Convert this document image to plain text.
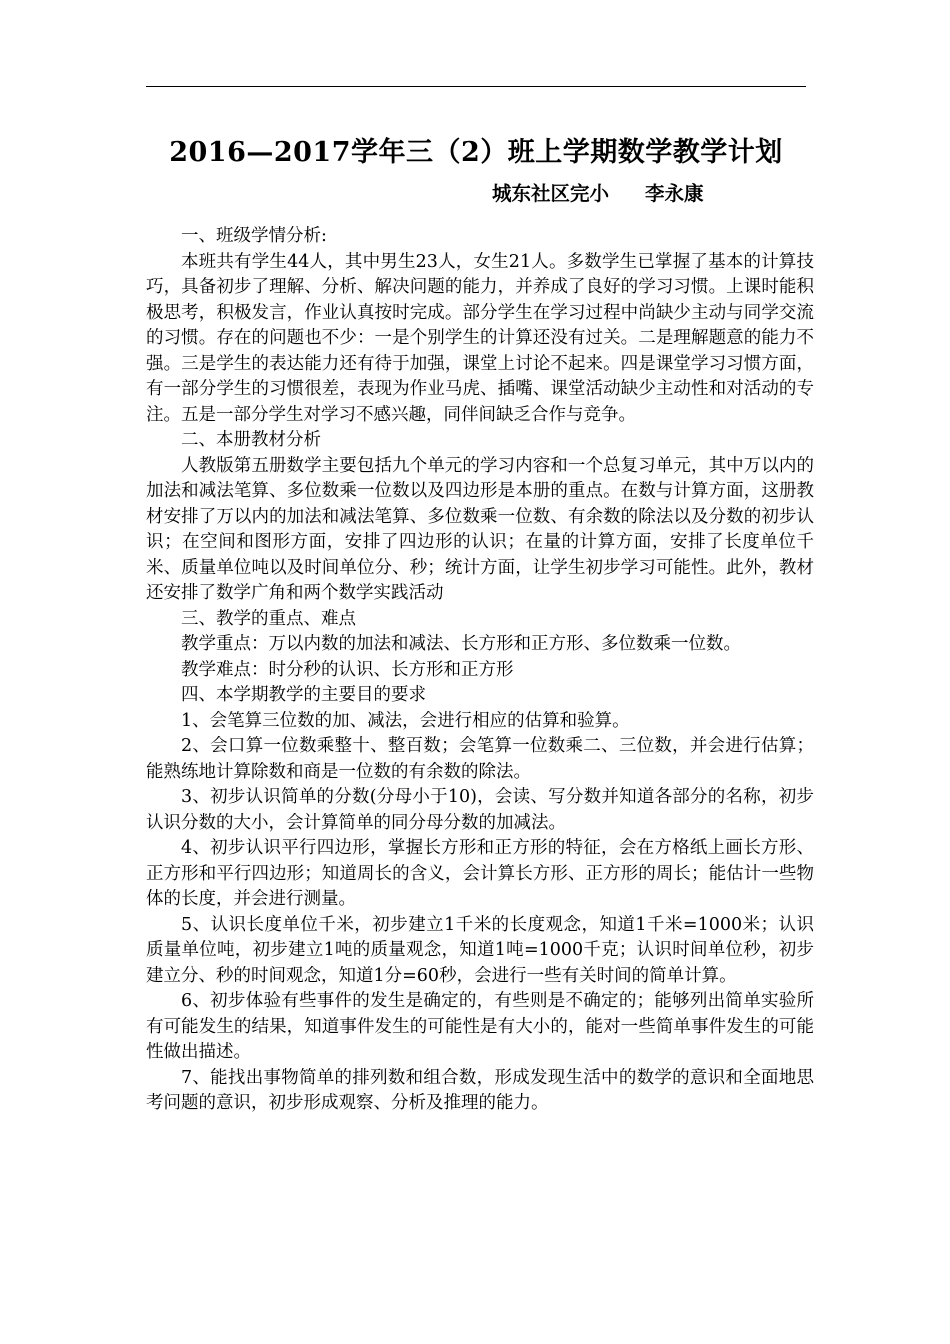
2016—2017学年三（2）班上学期数学教学计划
城东社区完小 李永康

一、班级学情分析:

本班共有学生44人，其中男生23人，女生21人。多数学生已掌握了基本的计算技巧，具备初步了理解、分析、解决问题的能力，并养成了良好的学习习惯。上课时能积极思考，积极发言，作业认真按时完成。部分学生在学习过程中尚缺少主动与同学交流的习惯。存在的问题也不少：一是个别学生的计算还没有过关。二是理解题意的能力不强。三是学生的表达能力还有待于加强，课堂上讨论不起来。四是课堂学习习惯方面，有一部分学生的习惯很差，表现为作业马虎、插嘴、课堂活动缺少主动性和对活动的专注。五是一部分学生对学习不感兴趣，同伴间缺乏合作与竞争。

二、本册教材分析

人教版第五册数学主要包括九个单元的学习内容和一个总复习单元，其中万以内的加法和减法笔算、多位数乘一位数以及四边形是本册的重点。在数与计算方面，这册教材安排了万以内的加法和减法笔算、多位数乘一位数、有余数的除法以及分数的初步认识；在空间和图形方面，安排了四边形的认识；在量的计算方面，安排了长度单位千米、质量单位吨以及时间单位分、秒；统计方面，让学生初步学习可能性。此外，教材还安排了数学广角和两个数学实践活动

三、教学的重点、难点

教学重点：万以内数的加法和减法、长方形和正方形、多位数乘一位数。

教学难点：时分秒的认识、长方形和正方形

四、本学期教学的主要目的要求

1、会笔算三位数的加、减法，会进行相应的估算和验算。

2、会口算一位数乘整十、整百数；会笔算一位数乘二、三位数，并会进行估算；能熟练地计算除数和商是一位数的有余数的除法。

3、初步认识简单的分数(分母小于10)，会读、写分数并知道各部分的名称，初步认识分数的大小，会计算简单的同分母分数的加减法。

4、初步认识平行四边形，掌握长方形和正方形的特征，会在方格纸上画长方形、正方形和平行四边形；知道周长的含义，会计算长方形、正方形的周长；能估计一些物体的长度，并会进行测量。

5、认识长度单位千米，初步建立1千米的长度观念，知道1千米=1000米；认识质量单位吨，初步建立1吨的质量观念，知道1吨=1000千克；认识时间单位秒，初步建立分、秒的时间观念，知道1分=60秒，会进行一些有关时间的简单计算。

6、初步体验有些事件的发生是确定的，有些则是不确定的；能够列出简单实验所有可能发生的结果，知道事件发生的可能性是有大小的，能对一些简单事件发生的可能性做出描述。

7、能找出事物简单的排列数和组合数，形成发现生活中的数学的意识和全面地思考问题的意识，初步形成观察、分析及推理的能力。
